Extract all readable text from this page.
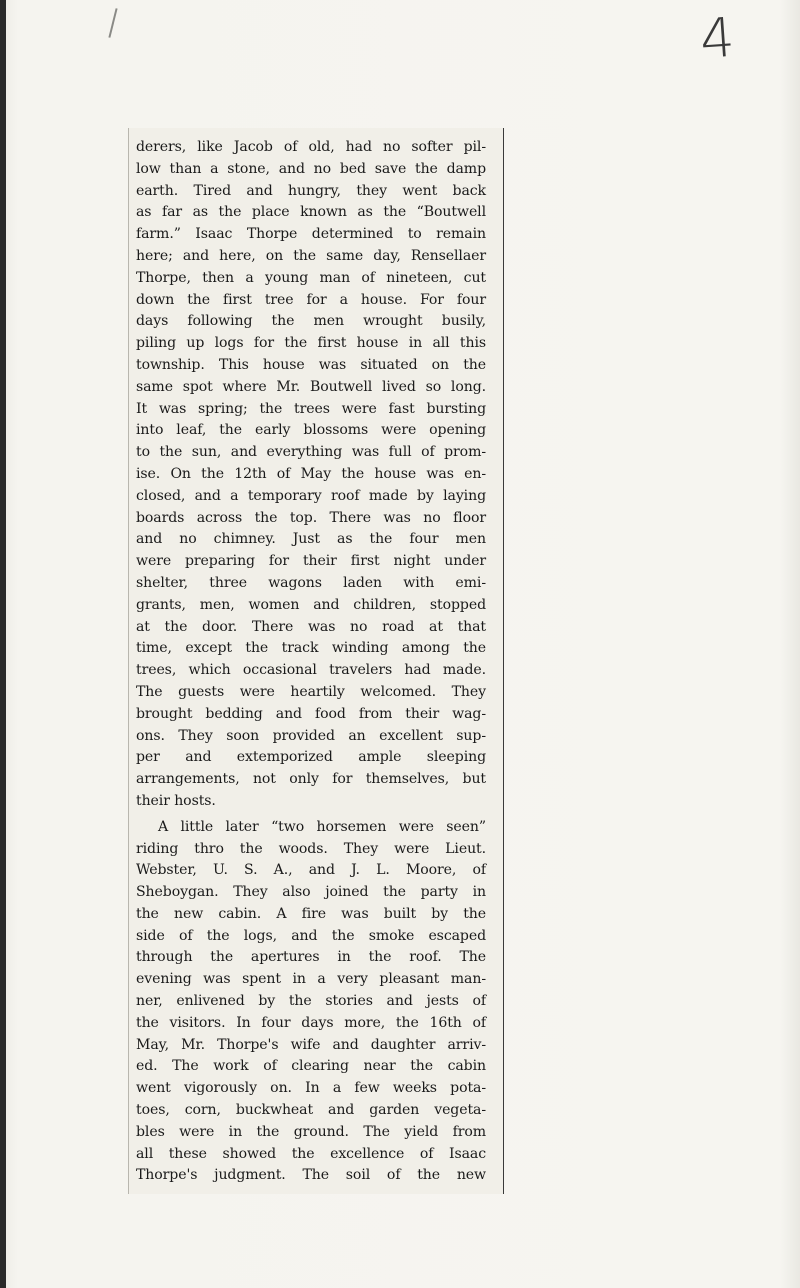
4
derers, like Jacob of old, had no softer pil-
low than a stone, and no bed save the damp
earth. Tired and hungry, they went back
as far as the place known as the “Boutwell
farm.” Isaac Thorpe determined to remain
here; and here, on the same day, Rensellaer
Thorpe, then a young man of nineteen, cut
down the first tree for a house. For four
days following the men wrought busily,
piling up logs for the first house in all this
township. This house was situated on the
same spot where Mr. Boutwell lived so long.
It was spring; the trees were fast bursting
into leaf, the early blossoms were opening
to the sun, and everything was full of prom-
ise. On the 12th of May the house was en-
closed, and a temporary roof made by laying
boards across the top. There was no floor
and no chimney. Just as the four men
were preparing for their first night under
shelter, three wagons laden with emi-
grants, men, women and children, stopped
at the door. There was no road at that
time, except the track winding among the
trees, which occasional travelers had made.
The guests were heartily welcomed. They
brought bedding and food from their wag-
ons. They soon provided an excellent sup-
per and extemporized ample sleeping
arrangements, not only for themselves, but
their hosts.
A little later “two horsemen were seen”
riding thro the woods. They were Lieut.
Webster, U. S. A., and J. L. Moore, of
Sheboygan. They also joined the party in
the new cabin. A fire was built by the
side of the logs, and the smoke escaped
through the apertures in the roof. The
evening was spent in a very pleasant man-
ner, enlivened by the stories and jests of
the visitors. In four days more, the 16th of
May, Mr. Thorpe's wife and daughter arriv-
ed. The work of clearing near the cabin
went vigorously on. In a few weeks pota-
toes, corn, buckwheat and garden vegeta-
bles were in the ground. The yield from
all these showed the excellence of Isaac
Thorpe's judgment. The soil of the new
